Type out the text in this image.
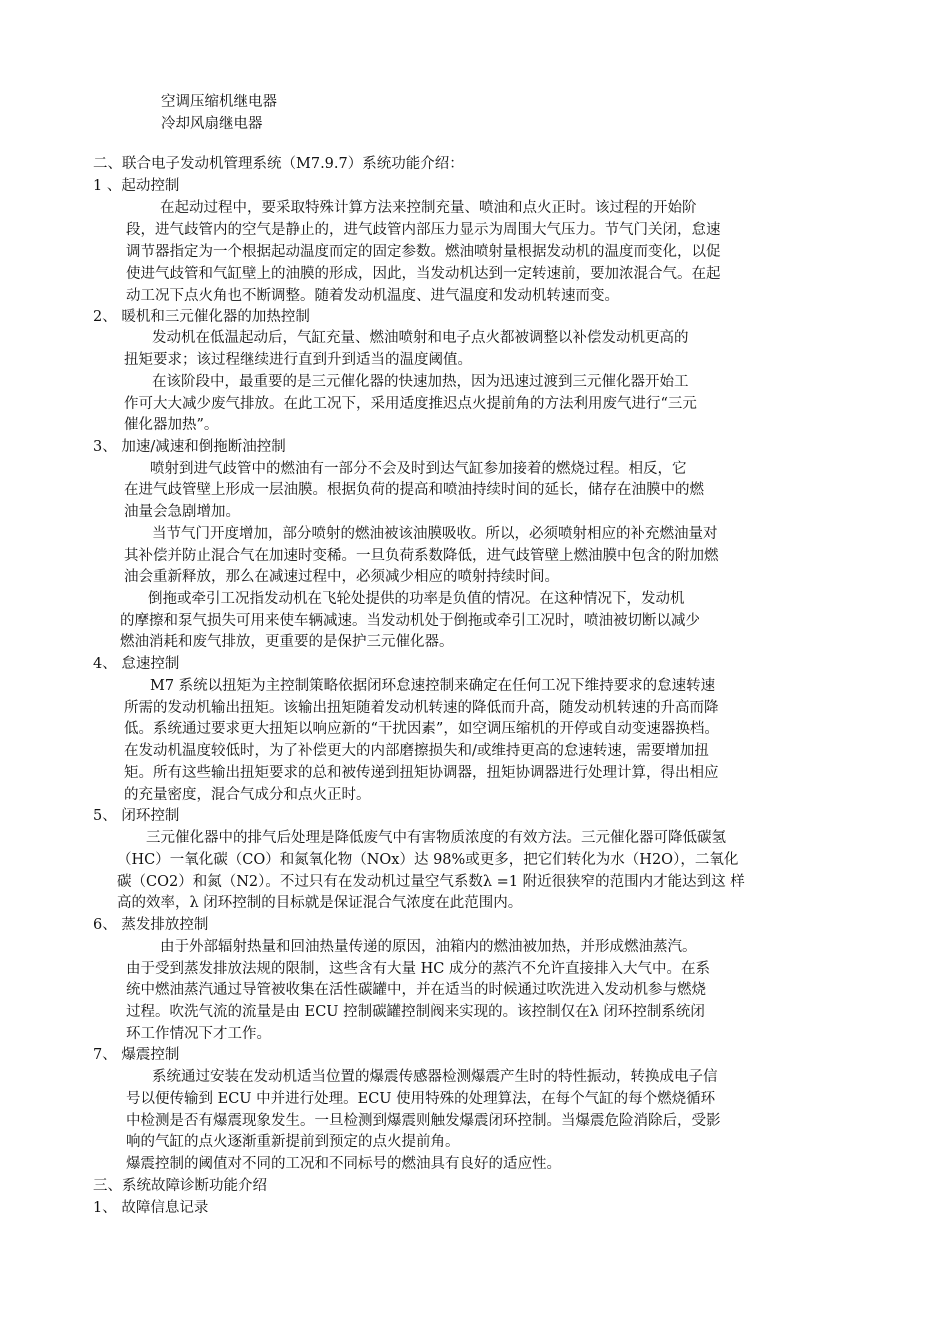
空调压缩机继电器
冷却风扇继电器
二、联合电子发动机管理系统（M7.9.7）系统功能介绍：
1 、起动控制
在起动过程中，要采取特殊计算方法来控制充量、喷油和点火正时。该过程的开始阶
段，进气歧管内的空气是静止的，进气歧管内部压力显示为周围大气压力。节气门关闭，怠速
调节器指定为一个根据起动温度而定的固定参数。燃油喷射量根据发动机的温度而变化，以促
使进气歧管和气缸壁上的油膜的形成，因此，当发动机达到一定转速前，要加浓混合气。在起
动工况下点火角也不断调整。随着发动机温度、进气温度和发动机转速而变。
2、 暖机和三元催化器的加热控制
发动机在低温起动后，气缸充量、燃油喷射和电子点火都被调整以补偿发动机更高的
扭矩要求；该过程继续进行直到升到适当的温度阈值。
在该阶段中，最重要的是三元催化器的快速加热，因为迅速过渡到三元催化器开始工
作可大大减少废气排放。在此工况下，采用适度推迟点火提前角的方法利用废气进行“三元
催化器加热”。
3、 加速/减速和倒拖断油控制
喷射到进气歧管中的燃油有一部分不会及时到达气缸参加接着的燃烧过程。相反，它
在进气歧管壁上形成一层油膜。根据负荷的提高和喷油持续时间的延长，储存在油膜中的燃
油量会急剧增加。
当节气门开度增加，部分喷射的燃油被该油膜吸收。所以，必须喷射相应的补充燃油量对
其补偿并防止混合气在加速时变稀。一旦负荷系数降低，进气歧管壁上燃油膜中包含的附加燃
油会重新释放，那么在减速过程中，必须减少相应的喷射持续时间。
倒拖或牵引工况指发动机在飞轮处提供的功率是负值的情况。在这种情况下，发动机
的摩擦和泵气损失可用来使车辆减速。当发动机处于倒拖或牵引工况时，喷油被切断以减少
燃油消耗和废气排放，更重要的是保护三元催化器。
4、 怠速控制
M7 系统以扭矩为主控制策略依据闭环怠速控制来确定在任何工况下维持要求的怠速转速
所需的发动机输出扭矩。该输出扭矩随着发动机转速的降低而升高，随发动机转速的升高而降
低。系统通过要求更大扭矩以响应新的“干扰因素”，如空调压缩机的开停或自动变速器换档。
在发动机温度较低时，为了补偿更大的内部磨擦损失和/或维持更高的怠速转速，需要增加扭
矩。所有这些输出扭矩要求的总和被传递到扭矩协调器，扭矩协调器进行处理计算，得出相应
的充量密度，混合气成分和点火正时。
5、 闭环控制
三元催化器中的排气后处理是降低废气中有害物质浓度的有效方法。三元催化器可降低碳氢
（HC）一氧化碳（CO）和氮氧化物（NOx）达 98%或更多，把它们转化为水（H2O），二氧化
碳（CO2）和氮（N2）。不过只有在发动机过量空气系数λ =1 附近很狭窄的范围内才能达到这 样
高的效率，λ 闭环控制的目标就是保证混合气浓度在此范围内。
6、 蒸发排放控制
由于外部辐射热量和回油热量传递的原因，油箱内的燃油被加热，并形成燃油蒸汽。
由于受到蒸发排放法规的限制，这些含有大量 HC 成分的蒸汽不允许直接排入大气中。在系
统中燃油蒸汽通过导管被收集在活性碳罐中，并在适当的时候通过吹洗进入发动机参与燃烧
过程。吹洗气流的流量是由 ECU 控制碳罐控制阀来实现的。该控制仅在λ 闭环控制系统闭
环工作情况下才工作。
7、 爆震控制
系统通过安装在发动机适当位置的爆震传感器检测爆震产生时的特性振动，转换成电子信
号以便传输到 ECU 中并进行处理。ECU 使用特殊的处理算法，在每个气缸的每个燃烧循环
中检测是否有爆震现象发生。一旦检测到爆震则触发爆震闭环控制。当爆震危险消除后，受影
响的气缸的点火逐渐重新提前到预定的点火提前角。
爆震控制的阈值对不同的工况和不同标号的燃油具有良好的适应性。
三、系统故障诊断功能介绍
1、 故障信息记录
